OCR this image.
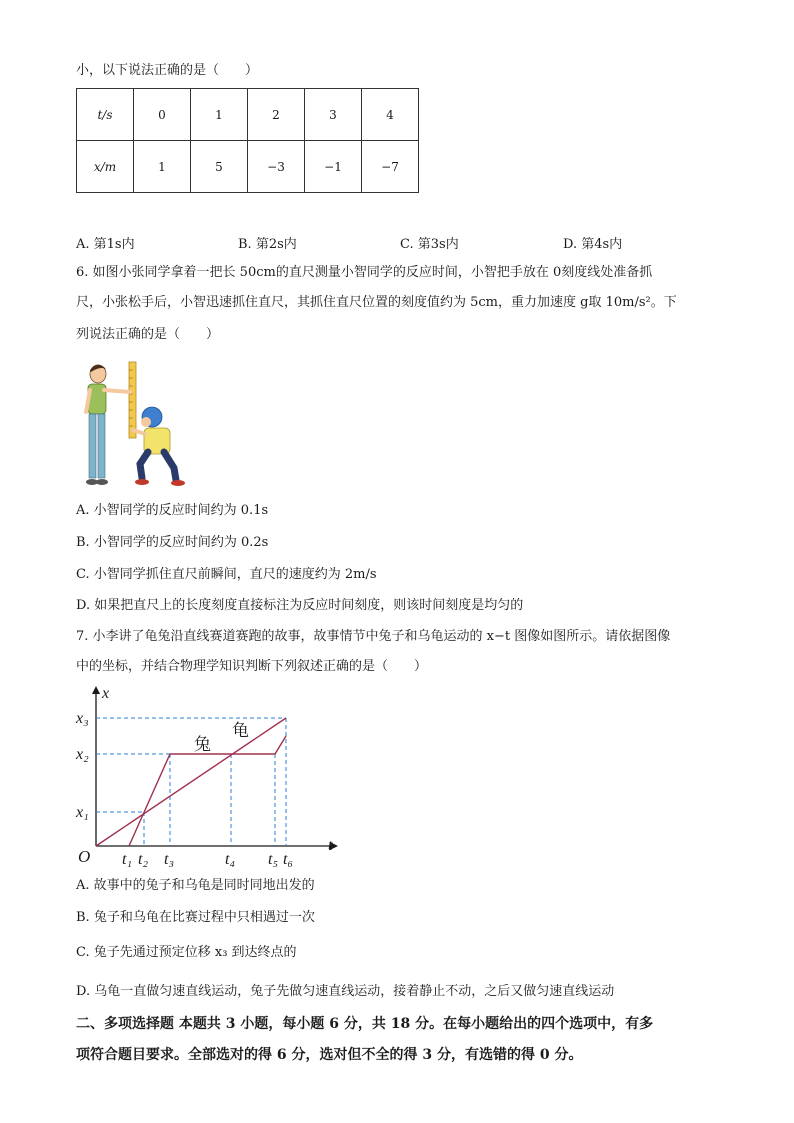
小，以下说法正确的是（　　）
t/s	0	1	2	3	4
x/m	1	5	−3	−1	−7
A. 第1s内	B. 第2s内	C. 第3s内	D. 第4s内
6. 如图小张同学拿着一把长 50cm的直尺测量小智同学的反应时间，小智把手放在 0刻度线处准备抓
尺，小张松手后，小智迅速抓住直尺，其抓住直尺位置的刻度值约为 5cm，重力加速度 g取 10m/s²。下
列说法正确的是（　　）
A. 小智同学的反应时间约为 0.1s
B. 小智同学的反应时间约为 0.2s
C. 小智同学抓住直尺前瞬间，直尺的速度约为 2m/s
D. 如果把直尺上的长度刻度直接标注为反应时间刻度，则该时间刻度是均匀的
7. 小李讲了龟兔沿直线赛道赛跑的故事，故事情节中兔子和乌龟运动的 x−t 图像如图所示。请依据图像
中的坐标，并结合物理学知识判断下列叙述正确的是（　　）
t
x
O
兔
龟
x₁
x₂
x₃
t₁ t₂ t₃	t₄ t₅ t₆
A. 故事中的兔子和乌龟是同时同地出发的
B. 兔子和乌龟在比赛过程中只相遇过一次
C. 兔子先通过预定位移 x₃ 到达终点的
D. 乌龟一直做匀速直线运动，兔子先做匀速直线运动，接着静止不动，之后又做匀速直线运动
二、多项选择题 本题共 3 小题，每小题 6 分，共 18 分。在每小题给出的四个选项中，有多
项符合题目要求。全部选对的得 6 分，选对但不全的得 3 分，有选错的得 0 分。
